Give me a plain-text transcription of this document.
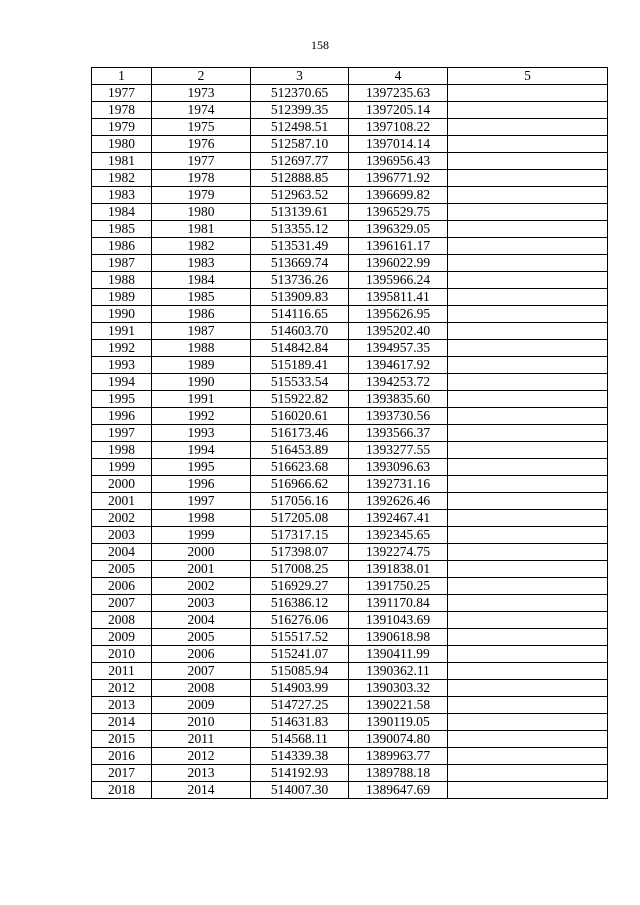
158
1	2	3	4	5
1977	1973	512370.65	1397235.63	
1978	1974	512399.35	1397205.14	
1979	1975	512498.51	1397108.22	
1980	1976	512587.10	1397014.14	
1981	1977	512697.77	1396956.43	
1982	1978	512888.85	1396771.92	
1983	1979	512963.52	1396699.82	
1984	1980	513139.61	1396529.75	
1985	1981	513355.12	1396329.05	
1986	1982	513531.49	1396161.17	
1987	1983	513669.74	1396022.99	
1988	1984	513736.26	1395966.24	
1989	1985	513909.83	1395811.41	
1990	1986	514116.65	1395626.95	
1991	1987	514603.70	1395202.40	
1992	1988	514842.84	1394957.35	
1993	1989	515189.41	1394617.92	
1994	1990	515533.54	1394253.72	
1995	1991	515922.82	1393835.60	
1996	1992	516020.61	1393730.56	
1997	1993	516173.46	1393566.37	
1998	1994	516453.89	1393277.55	
1999	1995	516623.68	1393096.63	
2000	1996	516966.62	1392731.16	
2001	1997	517056.16	1392626.46	
2002	1998	517205.08	1392467.41	
2003	1999	517317.15	1392345.65	
2004	2000	517398.07	1392274.75	
2005	2001	517008.25	1391838.01	
2006	2002	516929.27	1391750.25	
2007	2003	516386.12	1391170.84	
2008	2004	516276.06	1391043.69	
2009	2005	515517.52	1390618.98	
2010	2006	515241.07	1390411.99	
2011	2007	515085.94	1390362.11	
2012	2008	514903.99	1390303.32	
2013	2009	514727.25	1390221.58	
2014	2010	514631.83	1390119.05	
2015	2011	514568.11	1390074.80	
2016	2012	514339.38	1389963.77	
2017	2013	514192.93	1389788.18	
2018	2014	514007.30	1389647.69	
